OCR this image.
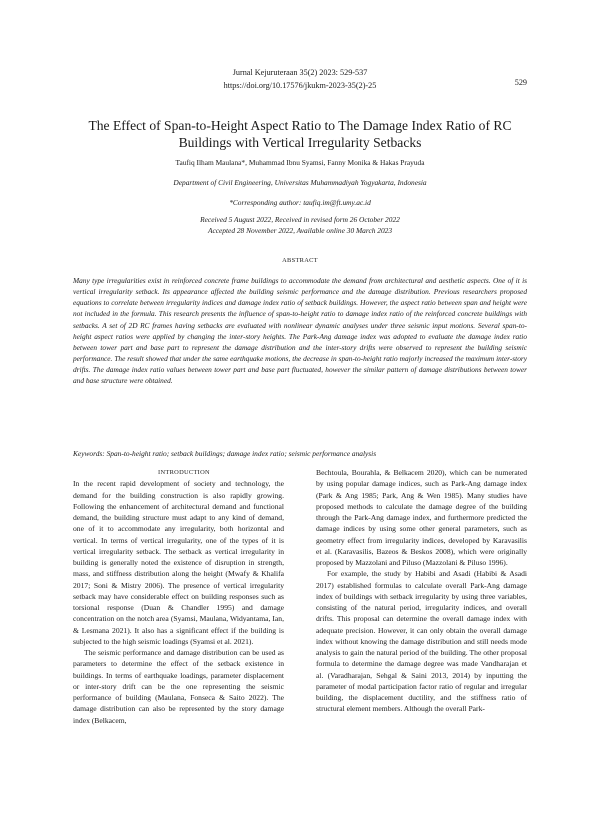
Jurnal Kejuruteraan 35(2) 2023: 529-537
https://doi.org/10.17576/jkukm-2023-35(2)-25	529
The Effect of Span-to-Height Aspect Ratio to The Damage Index Ratio of RC
Buildings with Vertical Irregularity Setbacks
Taufiq Ilham Maulana*, Muhammad Ibnu Syamsi, Fanny Monika & Hakas Prayuda
Department of Civil Engineering, Universitas Muhammadiyah Yogyakarta, Indonesia
*Corresponding author: taufiq.im@ft.umy.ac.id
Received 5 August 2022, Received in revised form 26 October 2022
Accepted 28 November 2022, Available online 30 March 2023
ABSTRACT

Many type irregularities exist in reinforced concrete frame buildings to accommodate the demand from architectural and aesthetic aspects. One of it is vertical irregularity setback. Its appearance affected the building seismic performance and the damage distribution. Previous researchers proposed equations to correlate between irregularity indices and damage index ratio of setback buildings. However, the aspect ratio between span and height were not included in the formula. This research presents the influence of span-to-height ratio to damage index ratio of the reinforced concrete buildings with setbacks. A set of 2D RC frames having setbacks are evaluated with nonlinear dynamic analyses under three seismic input motions. Several span-to-height aspect ratios were applied by changing the inter-story heights. The Park-Ang damage index was adopted to evaluate the damage index ratio between tower part and base part to represent the damage distribution and the inter-story drifts were observed to represent the building seismic performance. The result showed that under the same earthquake motions, the decrease in span-to-height ratio majorly increased the maximum inter-story drifts. The damage index ratio values between tower part and base part fluctuated, however the similar pattern of damage distributions between tower and base structure were obtained.

Keywords: Span-to-height ratio; setback buildings; damage index ratio; seismic performance analysis

INTRODUCTION

In the recent rapid development of society and technology, the demand for the building construction is also rapidly growing. Following the enhancement of architectural demand and functional demand, the building structure must adapt to any kind of demand, one of it to accommodate any irregularity, both horizontal and vertical. In terms of vertical irregularity, one of the types of it is vertical irregularity setback. The setback as vertical irregularity in building is generally noted the existence of disruption in strength, mass, and stiffness distribution along the height (Mwafy & Khalifa 2017; Soni & Mistry 2006). The presence of vertical irregularity setback may have considerable effect on building responses such as torsional response (Duan & Chandler 1995) and damage concentration on the notch area (Syamsi, Maulana, Widyantama, Ian, & Lesmana 2021). It also has a significant effect if the building is subjected to the high seismic loadings (Syamsi et al. 2021).

The seismic performance and damage distribution can be used as parameters to determine the effect of the setback existence in buildings. In terms of earthquake loadings, parameter displacement or inter-story drift can be the one representing the seismic performance of building (Maulana, Fonseca & Saito 2022). The damage distribution can also be represented by the story damage index (Belkacem,

Bechtoula, Bourahla, & Belkacem 2020), which can be numerated by using popular damage indices, such as Park-Ang damage index (Park & Ang 1985; Park, Ang & Wen 1985). Many studies have proposed methods to calculate the damage degree of the building through the Park-Ang damage index, and furthermore predicted the damage indices by using some other general parameters, such as geometry effect from irregularity indices, developed by Karavasilis et al. (Karavasilis, Bazeos & Beskos 2008), which were originally proposed by Mazzolani and Piluso (Mazzolani & Piluso 1996).

For example, the study by Habibi and Asadi (Habibi & Asadi 2017) established formulas to calculate overall Park-Ang damage index of buildings with setback irregularity by using three variables, consisting of the natural period, irregularity indices, and overall drifts. This proposal can determine the overall damage index with adequate precision. However, it can only obtain the overall damage index without knowing the damage distribution and still needs mode analysis to gain the natural period of the building. The other proposal formula to determine the damage degree was made Vandharajan et al. (Varadharajan, Sehgal & Saini 2013, 2014) by inputting the parameter of modal participation factor ratio of regular and irregular building, the displacement ductility, and the stiffness ratio of structural element members. Although the overall Park-
